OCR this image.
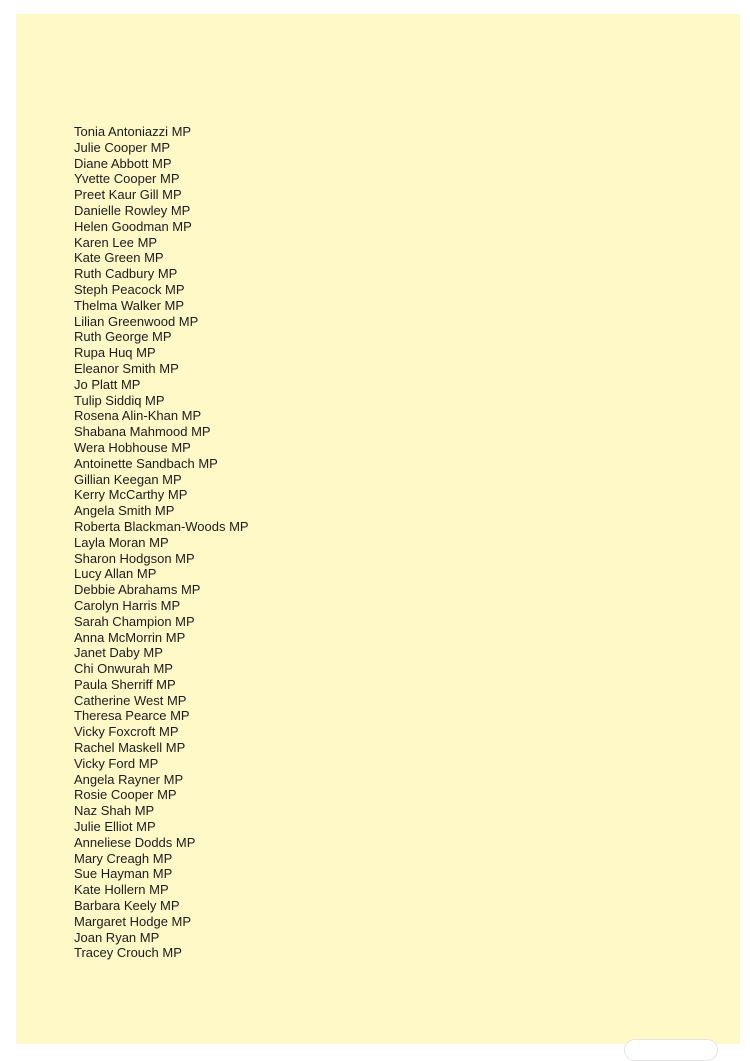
Tonia Antoniazzi MP
Julie Cooper MP
Diane Abbott MP
Yvette Cooper MP
Preet Kaur Gill MP
Danielle Rowley MP
Helen Goodman MP
Karen Lee MP
Kate Green MP
Ruth Cadbury MP
Steph Peacock MP
Thelma Walker MP
Lilian Greenwood MP
Ruth George MP
Rupa Huq MP
Eleanor Smith MP
Jo Platt MP
Tulip Siddiq MP
Rosena Alin-Khan MP
Shabana Mahmood MP
Wera Hobhouse MP
Antoinette Sandbach MP
Gillian Keegan MP
Kerry McCarthy MP
Angela Smith MP
Roberta Blackman-Woods MP
Layla Moran MP
Sharon Hodgson MP
Lucy Allan MP
Debbie Abrahams MP
Carolyn Harris MP
Sarah Champion MP
Anna McMorrin MP
Janet Daby MP
Chi Onwurah MP
Paula Sherriff MP
Catherine West MP
Theresa Pearce MP
Vicky Foxcroft MP
Rachel Maskell MP
Vicky Ford MP
Angela Rayner MP
Rosie Cooper MP
Naz Shah MP
Julie Elliot MP
Anneliese Dodds MP
Mary Creagh MP
Sue Hayman MP
Kate Hollern MP
Barbara Keely MP
Margaret Hodge MP
Joan Ryan MP
Tracey Crouch MP
